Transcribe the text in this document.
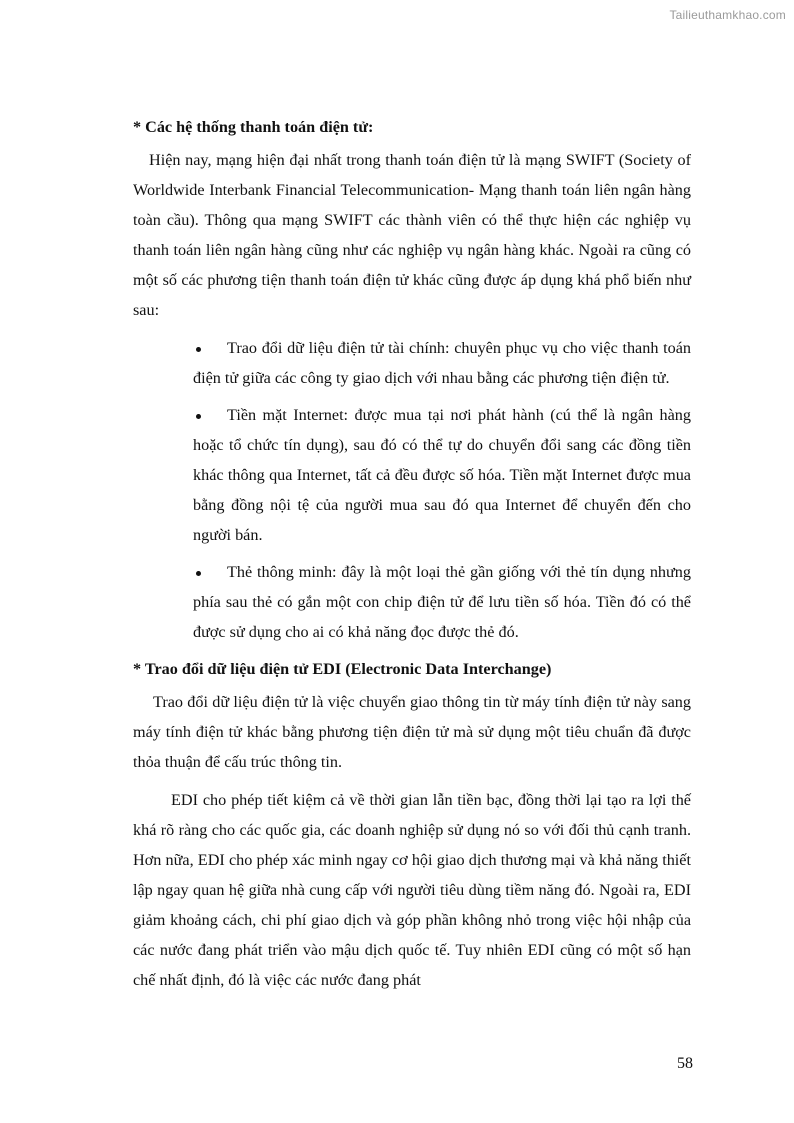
Tailieuthamkhao.com

* Các hệ thống thanh toán điện tử:

Hiện nay, mạng hiện đại nhất trong thanh toán điện tử là mạng SWIFT (Society of Worldwide Interbank Financial Telecommunication- Mạng thanh toán liên ngân hàng toàn cầu). Thông qua mạng SWIFT các thành viên có thể thực hiện các nghiệp vụ thanh toán liên ngân hàng cũng như các nghiệp vụ ngân hàng khác. Ngoài ra cũng có một số các phương tiện thanh toán điện tử khác cũng được áp dụng khá phổ biến như sau:

Trao đổi dữ liệu điện tử tài chính: chuyên phục vụ cho việc thanh toán điện tử giữa các công ty giao dịch với nhau bằng các phương tiện điện tử.
Tiền mặt Internet: được mua tại nơi phát hành (cú thể là ngân hàng hoặc tổ chức tín dụng), sau đó có thể tự do chuyển đổi sang các đồng tiền khác thông qua Internet, tất cả đều được số hóa. Tiền mặt Internet được mua bằng đồng nội tệ của người mua sau đó qua Internet để chuyển đến cho người bán.
Thẻ thông minh: đây là một loại thẻ gần giống với thẻ tín dụng nhưng phía sau thẻ có gắn một con chip điện tử để lưu tiền số hóa. Tiền đó có thể được sử dụng cho ai có khả năng đọc được thẻ đó.

* Trao đổi dữ liệu điện tử EDI (Electronic Data Interchange)

Trao đổi dữ liệu điện tử là việc chuyển giao thông tin từ máy tính điện tử này sang máy tính điện tử khác bằng phương tiện điện tử mà sử dụng một tiêu chuẩn đã được thỏa thuận để cấu trúc thông tin.

EDI cho phép tiết kiệm cả về thời gian lẫn tiền bạc, đồng thời lại tạo ra lợi thế khá rõ ràng cho các quốc gia, các doanh nghiệp sử dụng nó so với đối thủ cạnh tranh. Hơn nữa, EDI cho phép xác minh ngay cơ hội giao dịch thương mại và khả năng thiết lập ngay quan hệ giữa nhà cung cấp với người tiêu dùng tiềm năng đó. Ngoài ra, EDI giảm khoảng cách, chi phí giao dịch và góp phần không nhỏ trong việc hội nhập của các nước đang phát triển vào mậu dịch quốc tế. Tuy nhiên EDI cũng có một số hạn chế nhất định, đó là việc các nước đang phát

58
